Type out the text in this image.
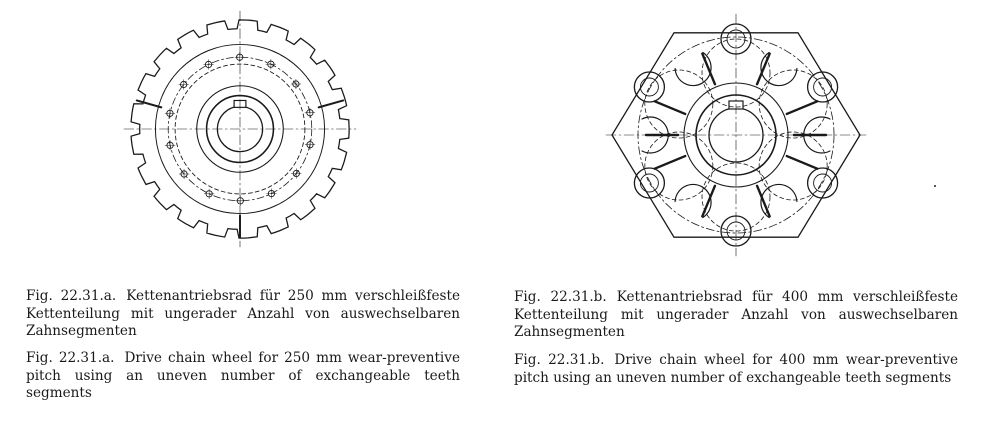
Fig. 22.31.a. Kettenantriebsrad für 250 mm verschleißfeste Kettenteilung mit ungerader Anzahl von auswechselbaren Zahnsegmenten

Fig. 22.31.a. Drive chain wheel for 250 mm wear-preventive pitch using an uneven number of exchangeable teeth segments

Fig. 22.31.b. Kettenantriebsrad für 400 mm verschleißfeste Kettenteilung mit ungerader Anzahl von auswechselbaren Zahnsegmenten

Fig. 22.31.b. Drive chain wheel for 400 mm wear-preventive pitch using an uneven number of exchangeable teeth segments
